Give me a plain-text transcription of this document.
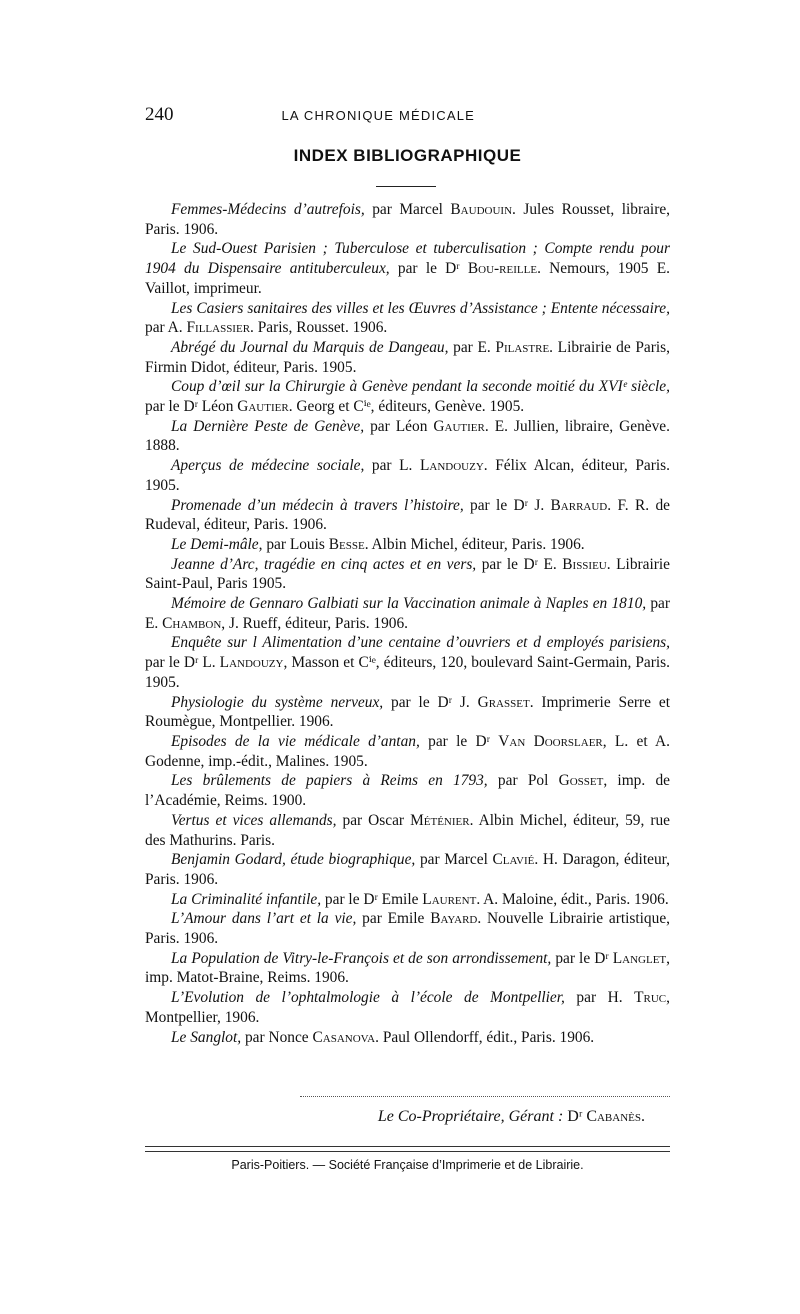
240	LA CHRONIQUE MÉDICALE
INDEX BIBLIOGRAPHIQUE

Femmes-Médecins d’autrefois, par Marcel Baudouin. Jules Rousset, libraire, Paris. 1906.

Le Sud-Ouest Parisien ; Tuberculose et tuberculisation ; Compte rendu pour 1904 du Dispensaire antituberculeux, par le Dʳ Bou-reille. Nemours, 1905 E. Vaillot, imprimeur.

Les Casiers sanitaires des villes et les Œuvres d’Assistance ; Entente nécessaire, par A. Fillassier. Paris, Rousset. 1906.

Abrégé du Journal du Marquis de Dangeau, par E. Pilastre. Librairie de Paris, Firmin Didot, éditeur, Paris. 1905.

Coup d’œil sur la Chirurgie à Genève pendant la seconde moitié du XVIᵉ siècle, par le Dʳ Léon Gautier. Georg et Cⁱᵉ, éditeurs, Genève. 1905.

La Dernière Peste de Genève, par Léon Gautier. E. Jullien, libraire, Genève. 1888.

Aperçus de médecine sociale, par L. Landouzy. Félix Alcan, éditeur, Paris. 1905.

Promenade d’un médecin à travers l’histoire, par le Dʳ J. Barraud. F. R. de Rudeval, éditeur, Paris. 1906.

Le Demi-mâle, par Louis Besse. Albin Michel, éditeur, Paris. 1906.

Jeanne d’Arc, tragédie en cinq actes et en vers, par le Dʳ E. Bissieu. Librairie Saint-Paul, Paris 1905.

Mémoire de Gennaro Galbiati sur la Vaccination animale à Naples en 1810, par E. Chambon, J. Rueff, éditeur, Paris. 1906.

Enquête sur l Alimentation d’une centaine d’ouvriers et d employés parisiens, par le Dʳ L. Landouzy, Masson et Cⁱᵉ, éditeurs, 120, boulevard Saint-Germain, Paris. 1905.

Physiologie du système nerveux, par le Dʳ J. Grasset. Imprimerie Serre et Roumègue, Montpellier. 1906.

Episodes de la vie médicale d’antan, par le Dʳ Van Doorslaer, L. et A. Godenne, imp.-édit., Malines. 1905.

Les brûlements de papiers à Reims en 1793, par Pol Gosset, imp. de l’Académie, Reims. 1900.

Vertus et vices allemands, par Oscar Méténier. Albin Michel, éditeur, 59, rue des Mathurins. Paris.

Benjamin Godard, étude biographique, par Marcel Clavié. H. Daragon, éditeur, Paris. 1906.

La Criminalité infantile, par le Dʳ Emile Laurent. A. Maloine, édit., Paris. 1906.

L’Amour dans l’art et la vie, par Emile Bayard. Nouvelle Librairie artistique, Paris. 1906.

La Population de Vitry-le-François et de son arrondissement, par le Dʳ Langlet, imp. Matot-Braine, Reims. 1906.

L’Evolution de l’ophtalmologie à l’école de Montpellier, par H. Truc, Montpellier, 1906.

Le Sanglot, par Nonce Casanova. Paul Ollendorff, édit., Paris. 1906.

Le Co-Propriétaire, Gérant : Dʳ Cabanès.
Paris-Poitiers. — Société Française d’Imprimerie et de Librairie.
